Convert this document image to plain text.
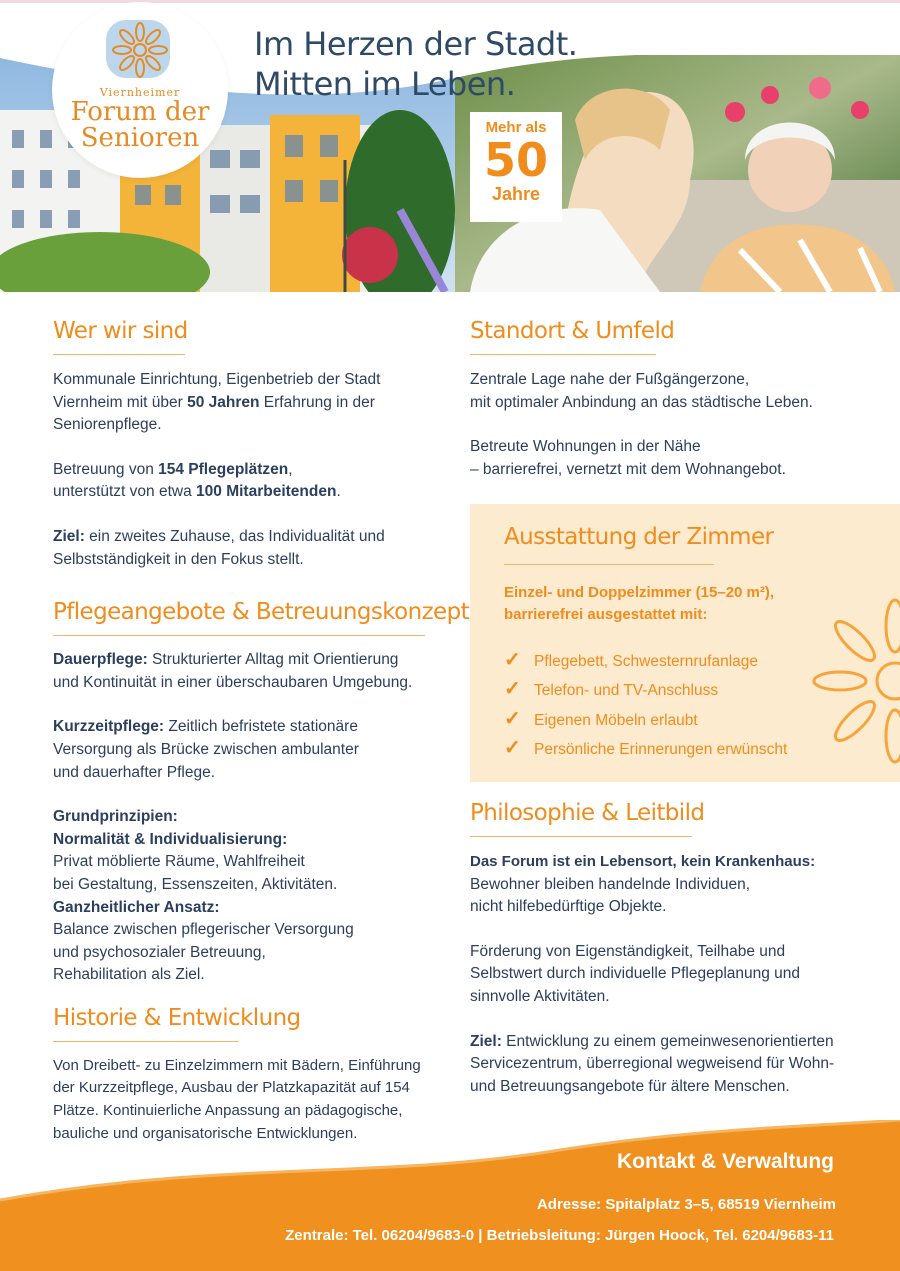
Viernheimer
Forum der
Senioren
Im Herzen der Stadt.
Mitten im Leben.
Mehr als
50
Jahre
Wer wir sind

Kommunale Einrichtung, Eigenbetrieb der Stadt
Viernheim mit über 50 Jahren Erfahrung in der
Seniorenpflege.

Betreuung von 154 Pflegeplätzen,
unterstützt von etwa 100 Mitarbeitenden.

Ziel: ein zweites Zuhause, das Individualität und
Selbstständigkeit in den Fokus stellt.

Pflegeangebote & Betreuungskonzept

Dauerpflege: Strukturierter Alltag mit Orientierung
und Kontinuität in einer überschaubaren Umgebung.

Kurzzeitpflege: Zeitlich befristete stationäre
Versorgung als Brücke zwischen ambulanter
und dauerhafter Pflege.

Grundprinzipien:
Normalität & Individualisierung:
Privat möblierte Räume, Wahlfreiheit
bei Gestaltung, Essenszeiten, Aktivitäten.
Ganzheitlicher Ansatz:
Balance zwischen pflegerischer Versorgung
und psychosozialer Betreuung,
Rehabilitation als Ziel.

Historie & Entwicklung

Von Dreibett- zu Einzelzimmern mit Bädern, Einführung
der Kurzzeitpflege, Ausbau der Platzkapazität auf 154
Plätze. Kontinuierliche Anpassung an pädagogische,
bauliche und organisatorische Entwicklungen.

Standort & Umfeld

Zentrale Lage nahe der Fußgängerzone,
mit optimaler Anbindung an das städtische Leben.

Betreute Wohnungen in der Nähe
– barrierefrei, vernetzt mit dem Wohnangebot.

Ausstattung der Zimmer
Einzel- und Doppelzimmer (15–20 m²),
barrierefrei ausgestattet mit:
✓ Pflegebett, Schwesternrufanlage
✓ Telefon- und TV-Anschluss
✓ Eigenen Möbeln erlaubt
✓ Persönliche Erinnerungen erwünscht
Philosophie & Leitbild

Das Forum ist ein Lebensort, kein Krankenhaus:
Bewohner bleiben handelnde Individuen,
nicht hilfebedürftige Objekte.

Förderung von Eigenständigkeit, Teilhabe und
Selbstwert durch individuelle Pflegeplanung und
sinnvolle Aktivitäten.

Ziel: Entwicklung zu einem gemeinwesenorientierten
Servicezentrum, überregional wegweisend für Wohn-
und Betreuungsangebote für ältere Menschen.

Kontakt & Verwaltung
Adresse: Spitalplatz 3–5, 68519 Viernheim
Zentrale: Tel. 06204/9683-0 | Betriebsleitung: Jürgen Hoock, Tel. 6204/9683-11
